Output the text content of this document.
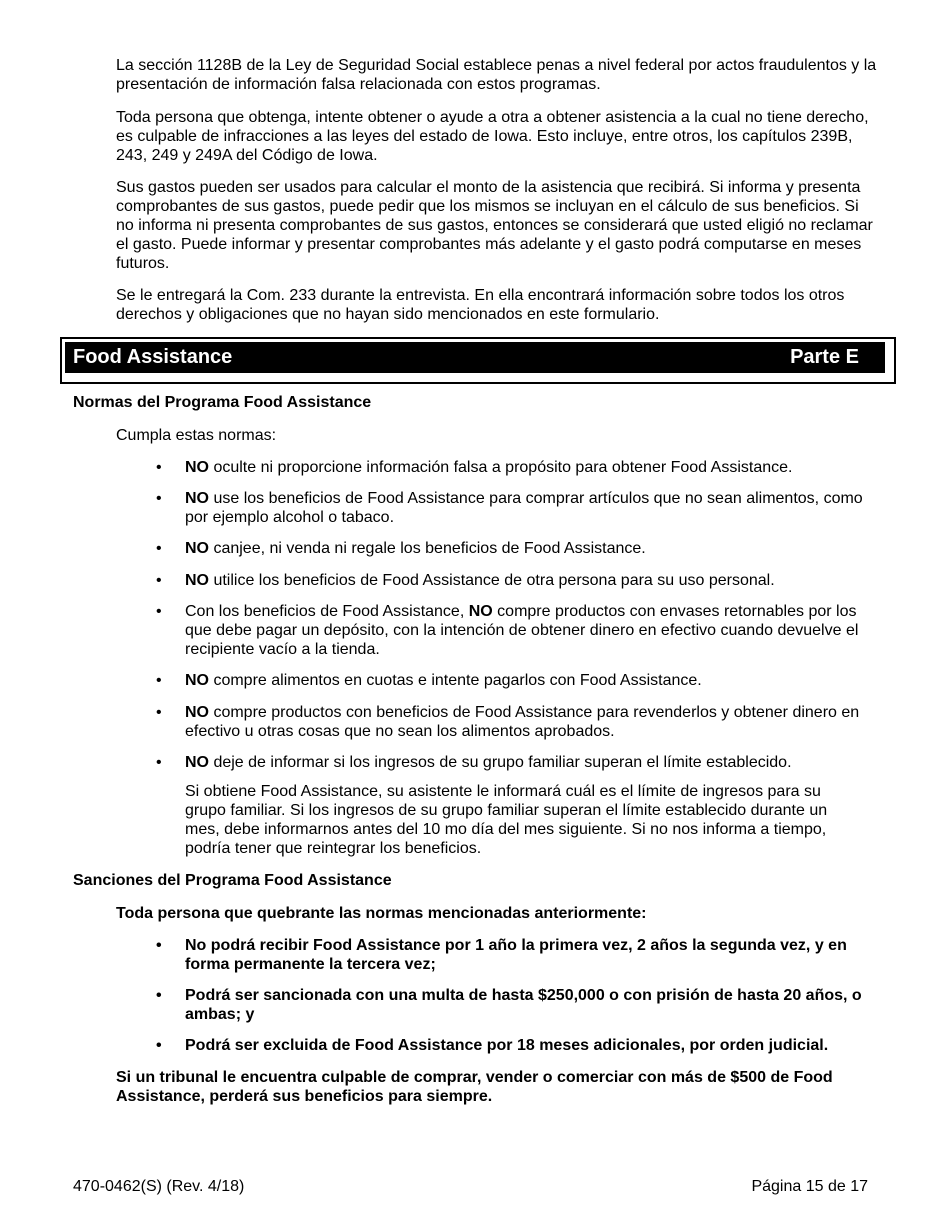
La sección 1128B de la Ley de Seguridad Social establece penas a nivel federal por actos fraudulentos y la presentación de información falsa relacionada con estos programas.

Toda persona que obtenga, intente obtener o ayude a otra a obtener asistencia a la cual no tiene derecho, es culpable de infracciones a las leyes del estado de Iowa. Esto incluye, entre otros, los capítulos 239B, 243, 249 y 249A del Código de Iowa.

Sus gastos pueden ser usados para calcular el monto de la asistencia que recibirá. Si informa y presenta comprobantes de sus gastos, puede pedir que los mismos se incluyan en el cálculo de sus beneficios. Si no informa ni presenta comprobantes de sus gastos, entonces se considerará que usted eligió no reclamar el gasto. Puede informar y presentar comprobantes más adelante y el gasto podrá computarse en meses futuros.

Se le entregará la Com. 233 durante la entrevista. En ella encontrará información sobre todos los otros derechos y obligaciones que no hayan sido mencionados en este formulario.

Food Assistance	Parte E

Normas del Programa Food Assistance

Cumpla estas normas:

• NO oculte ni proporcione información falsa a propósito para obtener Food Assistance.
• NO use los beneficios de Food Assistance para comprar artículos que no sean alimentos, como por ejemplo alcohol o tabaco.
• NO canjee, ni venda ni regale los beneficios de Food Assistance.
• NO utilice los beneficios de Food Assistance de otra persona para su uso personal.
• Con los beneficios de Food Assistance, NO compre productos con envases retornables por los que debe pagar un depósito, con la intención de obtener dinero en efectivo cuando devuelve el recipiente vacío a la tienda.
• NO compre alimentos en cuotas e intente pagarlos con Food Assistance.
• NO compre productos con beneficios de Food Assistance para revenderlos y obtener dinero en efectivo u otras cosas que no sean los alimentos aprobados.
• NO deje de informar si los ingresos de su grupo familiar superan el límite establecido.

Si obtiene Food Assistance, su asistente le informará cuál es el límite de ingresos para su grupo familiar. Si los ingresos de su grupo familiar superan el límite establecido durante un mes, debe informarnos antes del 10 mo día del mes siguiente. Si no nos informa a tiempo, podría tener que reintegrar los beneficios.

Sanciones del Programa Food Assistance

Toda persona que quebrante las normas mencionadas anteriormente:

• No podrá recibir Food Assistance por 1 año la primera vez, 2 años la segunda vez, y en forma permanente la tercera vez;
• Podrá ser sancionada con una multa de hasta $250,000 o con prisión de hasta 20 años, o ambas; y
• Podrá ser excluida de Food Assistance por 18 meses adicionales, por orden judicial.

Si un tribunal le encuentra culpable de comprar, vender o comerciar con más de $500 de Food Assistance, perderá sus beneficios para siempre.

470-0462(S) (Rev. 4/18)	Página 15 de 17
